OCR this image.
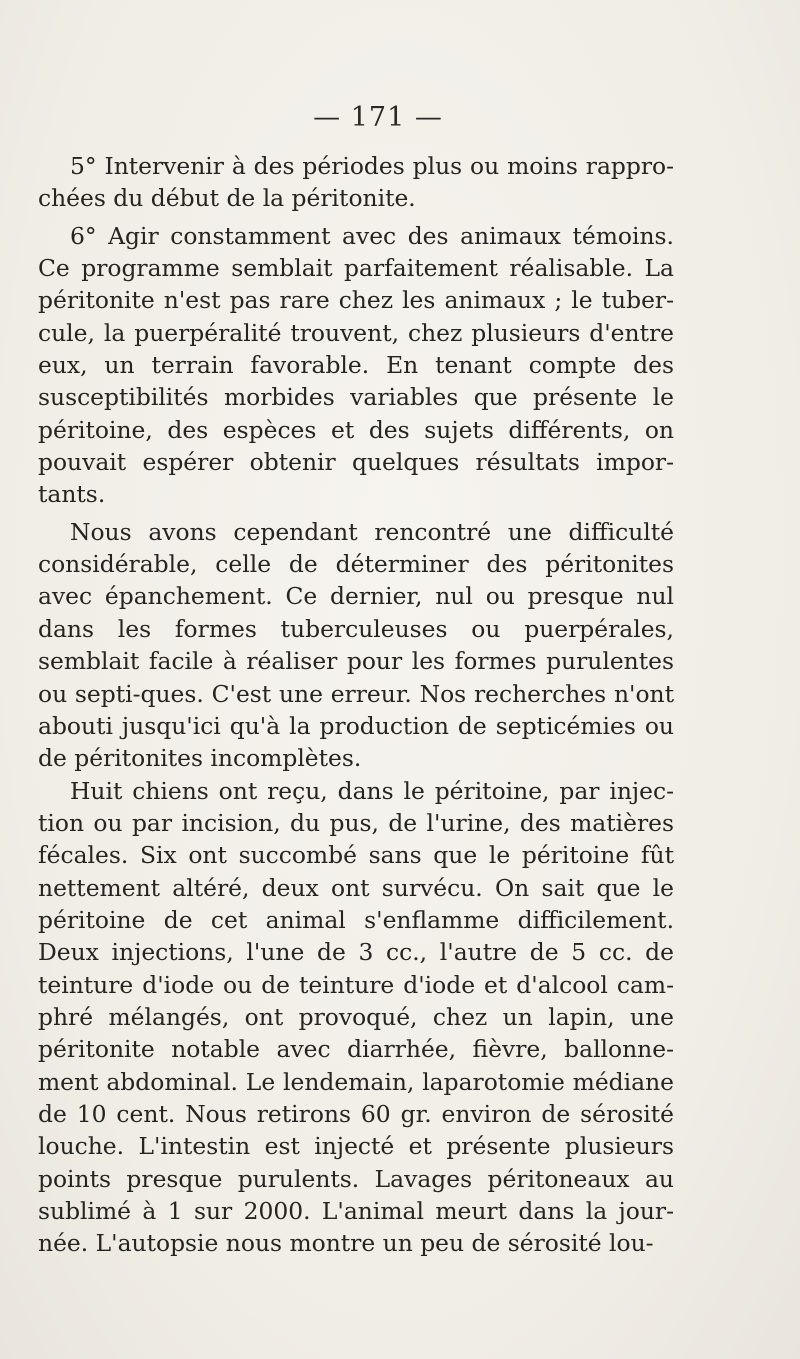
— 171 —

5° Intervenir à des périodes plus ou moins rappro-chées du début de la péritonite.

6° Agir constamment avec des animaux témoins. Ce programme semblait parfaitement réalisable. La péritonite n'est pas rare chez les animaux ; le tuber-cule, la puerpéralité trouvent, chez plusieurs d'entre eux, un terrain favorable. En tenant compte des susceptibilités morbides variables que présente le péritoine, des espèces et des sujets différents, on pouvait espérer obtenir quelques résultats impor-tants.

Nous avons cependant rencontré une difficulté considérable, celle de déterminer des péritonites avec épanchement. Ce dernier, nul ou presque nul dans les formes tuberculeuses ou puerpérales, semblait facile à réaliser pour les formes purulentes ou septi-ques. C'est une erreur. Nos recherches n'ont abouti jusqu'ici qu'à la production de septicémies ou de péritonites incomplètes.

Huit chiens ont reçu, dans le péritoine, par injec-tion ou par incision, du pus, de l'urine, des matières fécales. Six ont succombé sans que le péritoine fût nettement altéré, deux ont survécu. On sait que le péritoine de cet animal s'enflamme difficilement. Deux injections, l'une de 3 cc., l'autre de 5 cc. de teinture d'iode ou de teinture d'iode et d'alcool cam-phré mélangés, ont provoqué, chez un lapin, une péritonite notable avec diarrhée, fièvre, ballonne-ment abdominal. Le lendemain, laparotomie médiane de 10 cent. Nous retirons 60 gr. environ de sérosité louche. L'intestin est injecté et présente plusieurs points presque purulents. Lavages péritoneaux au sublimé à 1 sur 2000. L'animal meurt dans la jour-née. L'autopsie nous montre un peu de sérosité lou-
